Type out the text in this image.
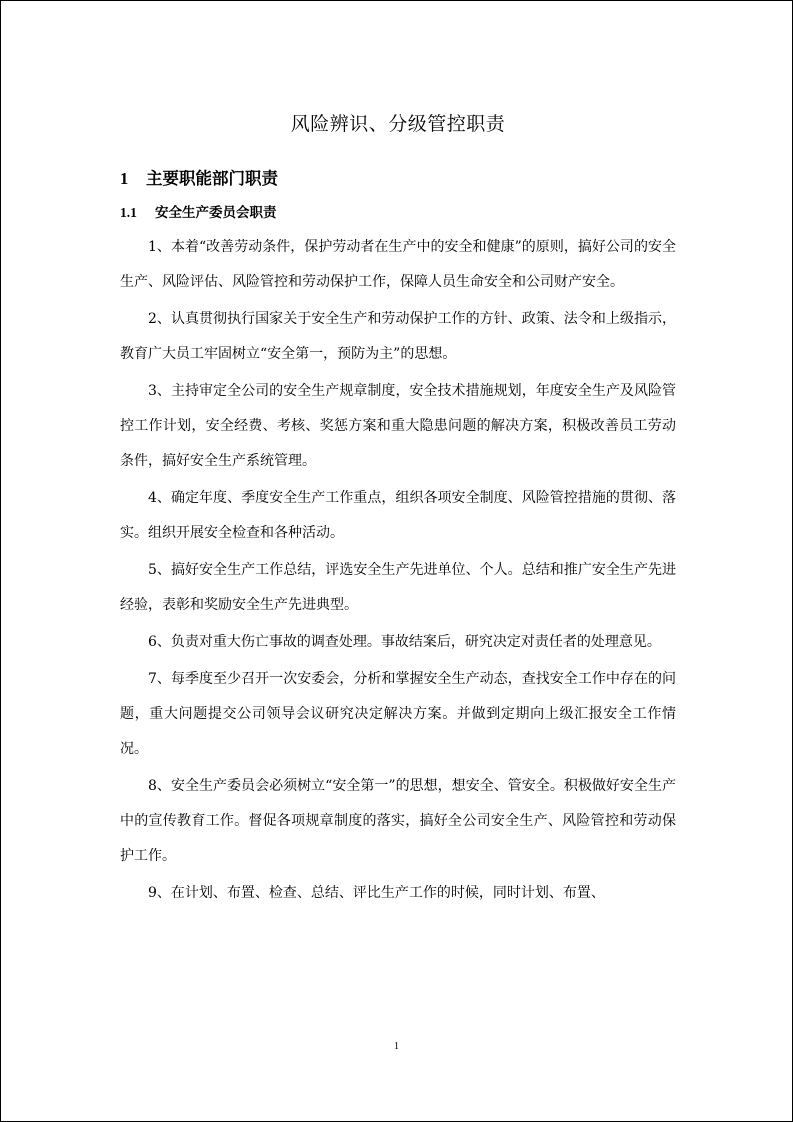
风险辨识、分级管控职责
1 主要职能部门职责
1.1 安全生产委员会职责

1、本着“改善劳动条件，保护劳动者在生产中的安全和健康”的原则，搞好公司的安全生产、风险评估、风险管控和劳动保护工作，保障人员生命安全和公司财产安全。

2、认真贯彻执行国家关于安全生产和劳动保护工作的方针、政策、法令和上级指示，教育广大员工牢固树立“安全第一，预防为主”的思想。

3、主持审定全公司的安全生产规章制度，安全技术措施规划，年度安全生产及风险管控工作计划，安全经费、考核、奖惩方案和重大隐患问题的解决方案，积极改善员工劳动条件，搞好安全生产系统管理。

4、确定年度、季度安全生产工作重点，组织各项安全制度、风险管控措施的贯彻、落实。组织开展安全检查和各种活动。

5、搞好安全生产工作总结，评选安全生产先进单位、个人。总结和推广安全生产先进经验，表彰和奖励安全生产先进典型。

6、负责对重大伤亡事故的调查处理。事故结案后，研究决定对责任者的处理意见。

7、每季度至少召开一次安委会，分析和掌握安全生产动态，查找安全工作中存在的问题，重大问题提交公司领导会议研究决定解决方案。并做到定期向上级汇报安全工作情况。

8、安全生产委员会必须树立“安全第一”的思想，想安全、管安全。积极做好安全生产中的宣传教育工作。督促各项规章制度的落实，搞好全公司安全生产、风险管控和劳动保护工作。

9、在计划、布置、检查、总结、评比生产工作的时候，同时计划、布置、

1
